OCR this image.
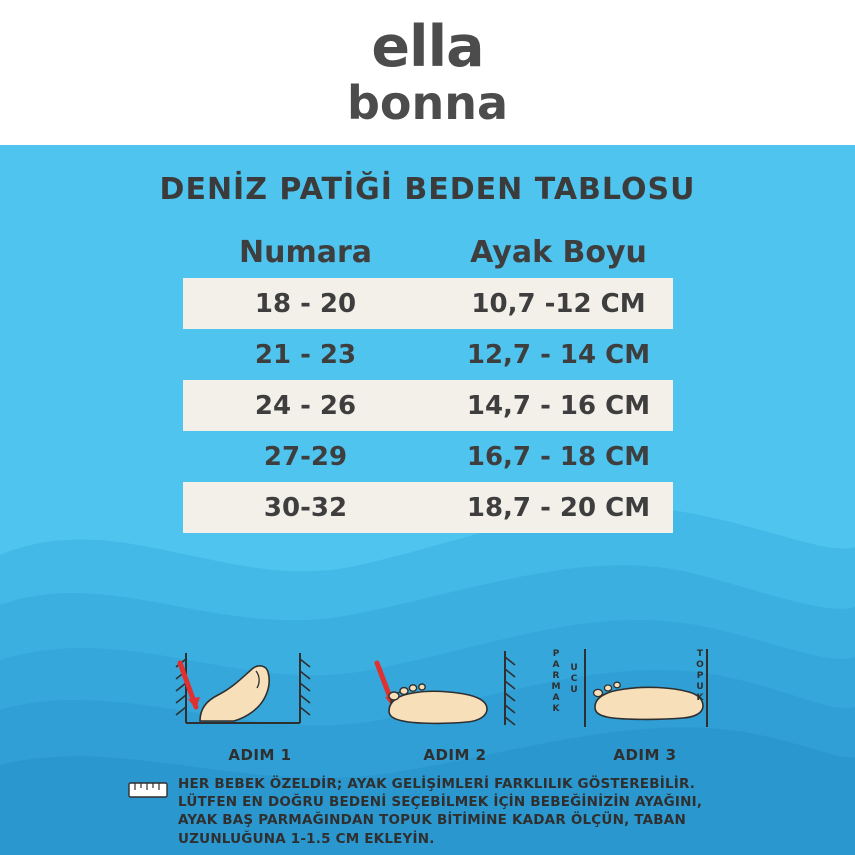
ella
bonna
DENİZ PATİĞİ BEDEN TABLOSU
Numara	Ayak Boyu
18 - 20	10,7 -12 CM
21 - 23	12,7 - 14 CM
24 - 26	14,7 - 16 CM
27-29	16,7 - 18 CM
30-32	18,7 - 20 CM
ADIM 1	ADIM 2
PARMAK UCU	TOPUK
ADIM 3
HER BEBEK ÖZELDİR; AYAK GELİŞİMLERİ FARKLILIK GÖSTEREBİLİR.
LÜTFEN EN DOĞRU BEDENİ SEÇEBİLMEK İÇİN BEBEĞİNİZİN AYAĞINI,
AYAK BAŞ PARMAĞINDAN TOPUK BİTİMİNE KADAR ÖLÇÜN, TABAN
UZUNLUĞUNA 1-1.5 CM EKLEYİN.
